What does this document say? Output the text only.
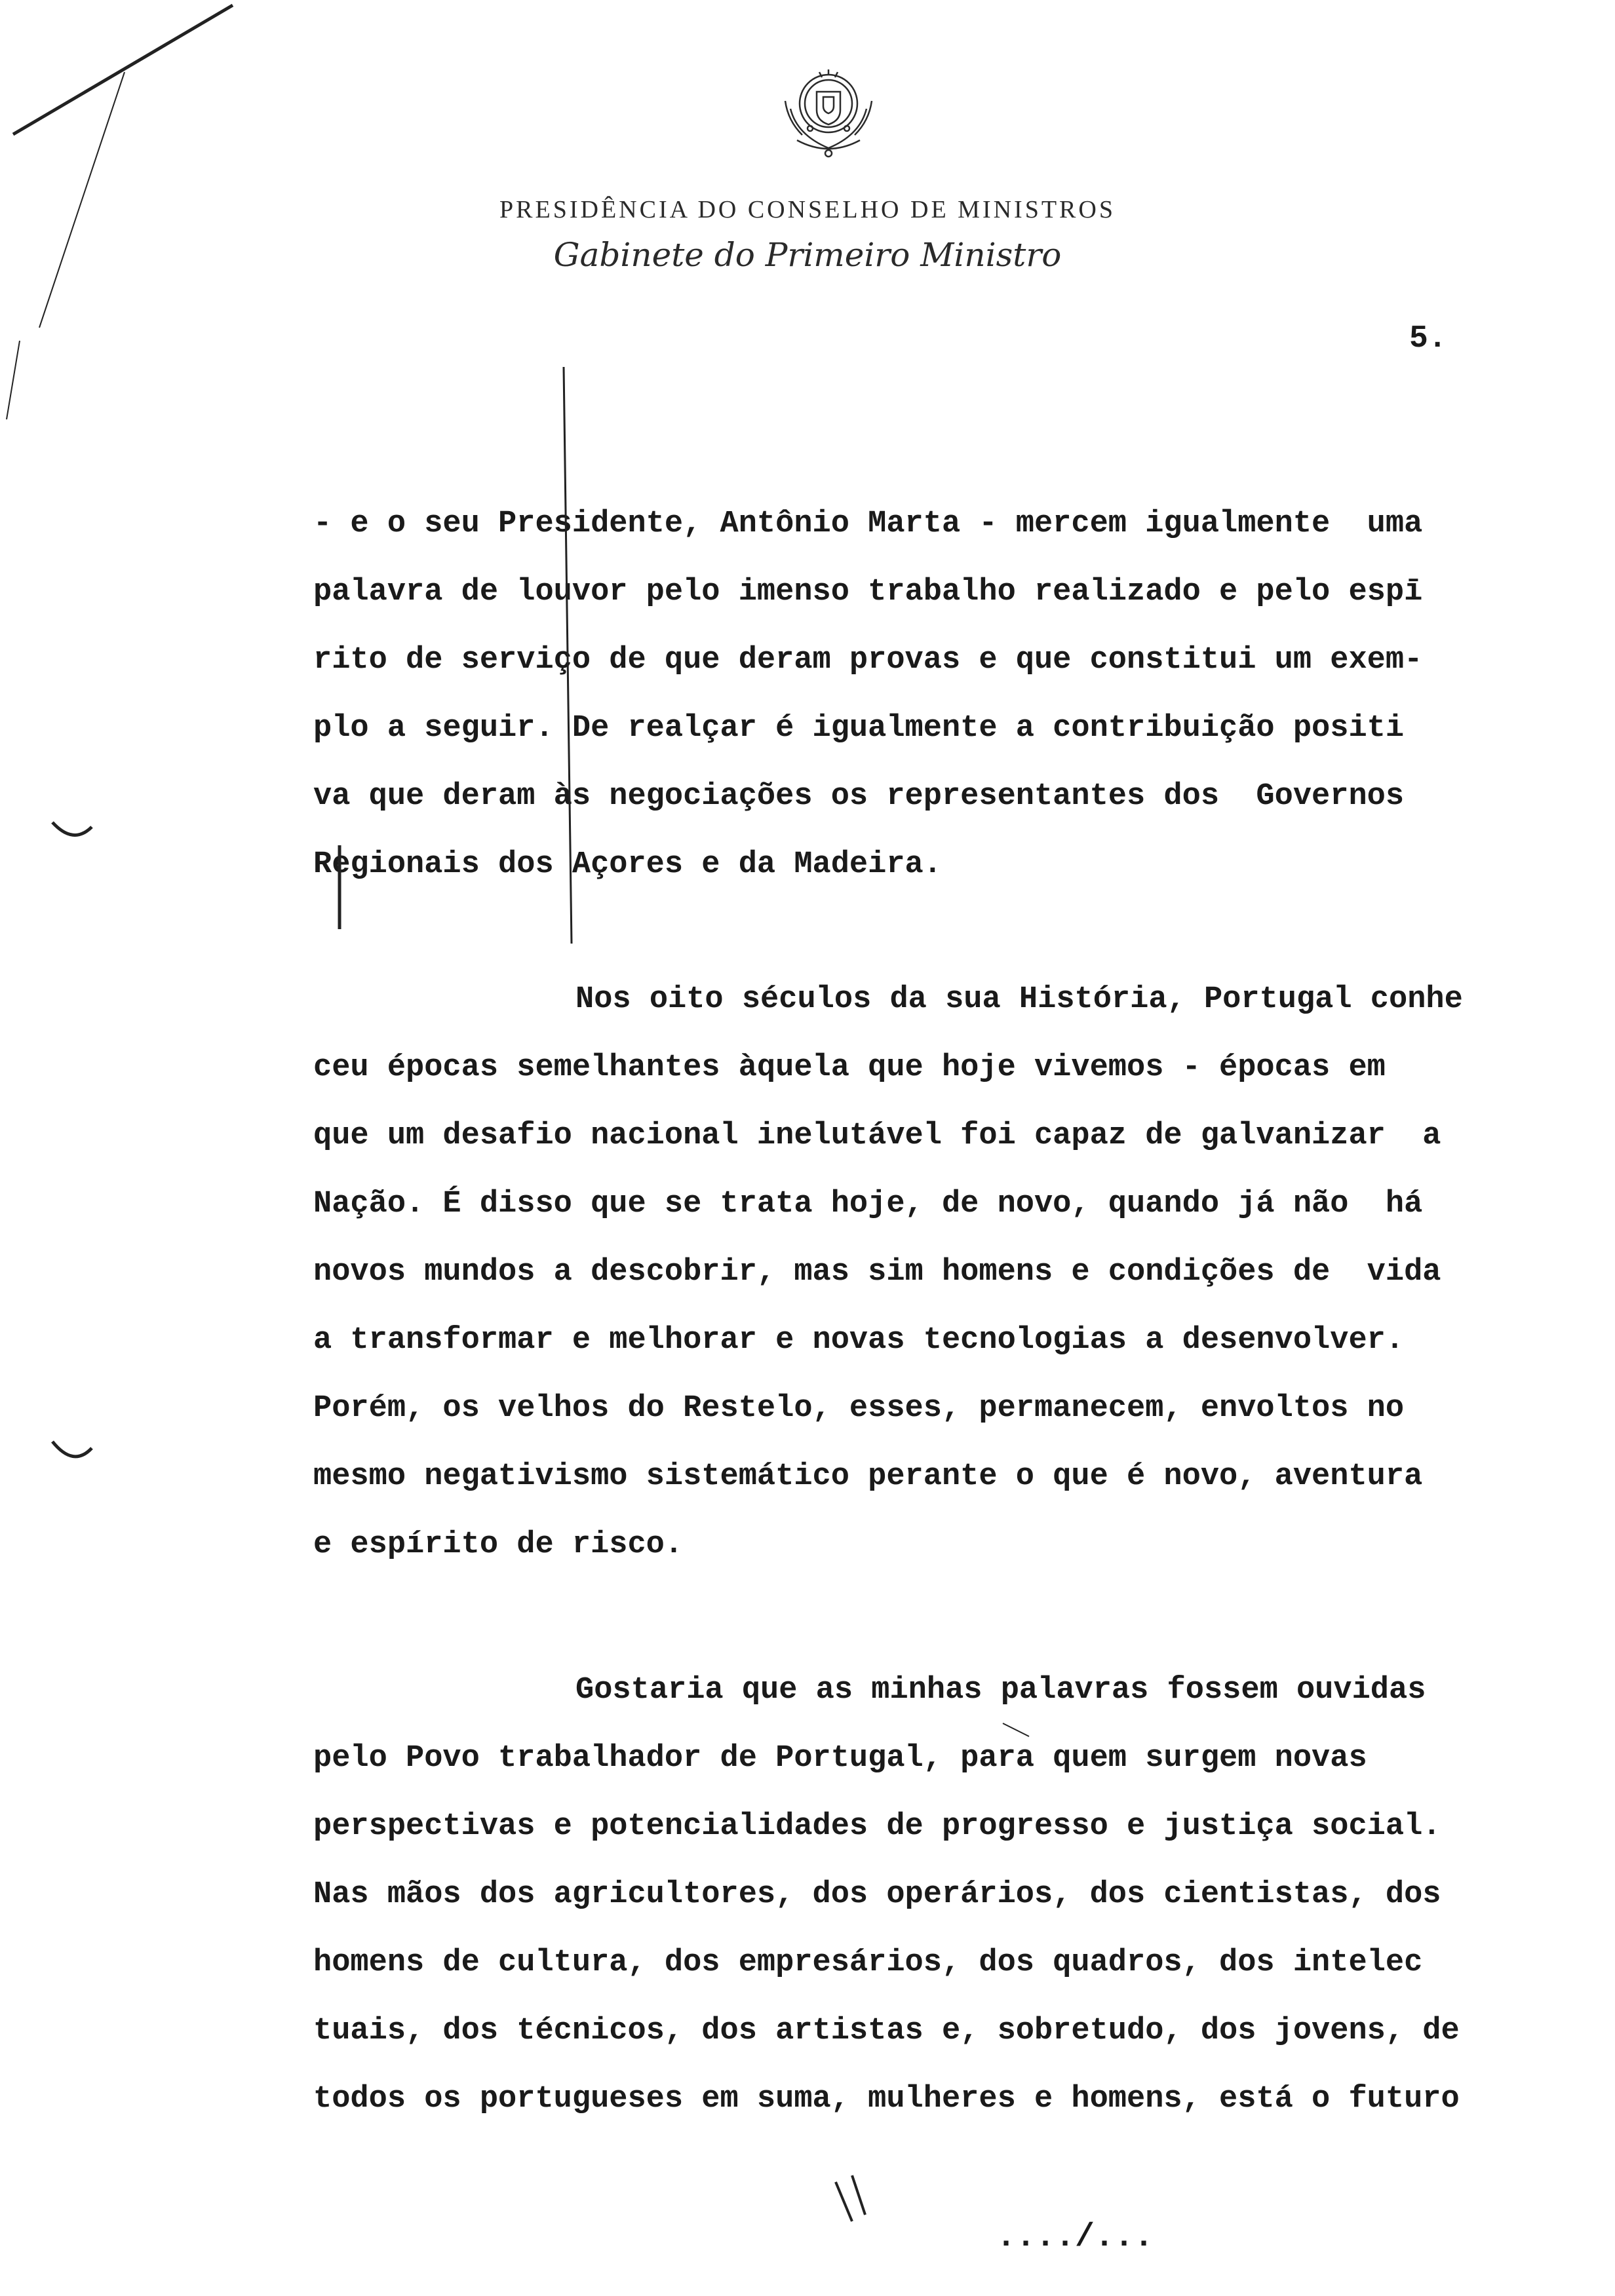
PRESIDÊNCIA DO CONSELHO DE MINISTROS
Gabinete do Primeiro Ministro
5.
- e o seu Presidente, Antônio Marta - mercem igualmente  uma
palavra de louvor pelo imenso trabalho realizado e pelo espī
rito de serviço de que deram provas e que constitui um exem-
plo a seguir. De realçar é igualmente a contribuição positi
va que deram às negociações os representantes dos  Governos
Regionais dos Açores e da Madeira.
Nos oito séculos da sua História, Portugal conhe
ceu épocas semelhantes àquela que hoje vivemos - épocas em
que um desafio nacional inelutável foi capaz de galvanizar  a
Nação. É disso que se trata hoje, de novo, quando já não  há
novos mundos a descobrir, mas sim homens e condições de  vida
a transformar e melhorar e novas tecnologias a desenvolver.
Porém, os velhos do Restelo, esses, permanecem, envoltos no
mesmo negativismo sistemático perante o que é novo, aventura
e espírito de risco.
Gostaria que as minhas palavras fossem ouvidas
pelo Povo trabalhador de Portugal, para quem surgem novas
perspectivas e potencialidades de progresso e justiça social.
Nas mãos dos agricultores, dos operários, dos cientistas, dos
homens de cultura, dos empresários, dos quadros, dos intelec
tuais, dos técnicos, dos artistas e, sobretudo, dos jovens, de
todos os portugueses em suma, mulheres e homens, está o futuro
..../...
